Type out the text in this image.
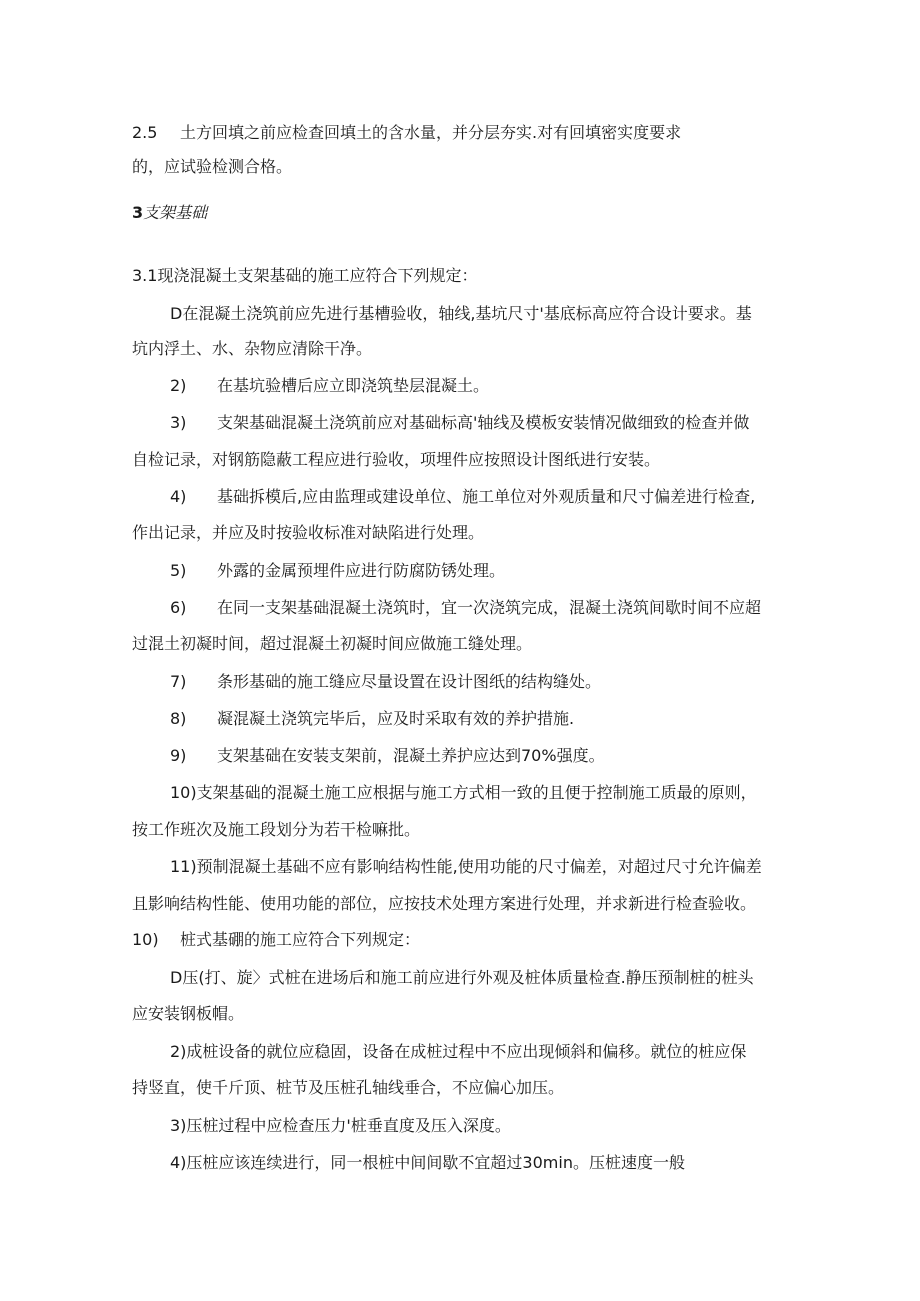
2.5 土方回填之前应检查回填土的含水量，并分层夯实.对有回填密实度要求
的，应试验检测合格。
3支架基础
3.1现浇混凝土支架基础的施工应符合下列规定：
D在混凝土浇筑前应先进行基槽验收，轴线,基坑尺寸'基底标高应符合设计要求。基
坑内浮土、水、杂物应清除干净。
2) 在基坑验槽后应立即浇筑垫层混凝土。
3) 支架基础混凝土浇筑前应对基础标高'轴线及模板安装情况做细致的检查并做
自检记录，对钢筋隐蔽工程应进行验收，项埋件应按照设计图纸进行安装。
4) 基础拆模后,应由监理或建设单位、施工单位对外观质量和尺寸偏差进行检查,
作出记录，并应及时按验收标准对缺陷进行处理。
5) 外露的金属预埋件应进行防腐防锈处理。
6) 在同一支架基础混凝土浇筑时，宜一次浇筑完成，混凝土浇筑间歇时间不应超
过混土初凝时间，超过混凝土初凝时间应做施工缝处理。
7) 条形基础的施工缝应尽量设置在设计图纸的结构缝处。
8) 凝混凝土浇筑完毕后，应及时采取有效的养护措施.
9) 支架基础在安装支架前，混凝土养护应达到70%强度。
10)支架基础的混凝土施工应根据与施工方式相一致的且便于控制施工质最的原则，
按工作班次及施工段划分为若干检嘛批。
11)预制混凝土基础不应有影响结构性能,使用功能的尺寸偏差，对超过尺寸允许偏差
且影响结构性能、使用功能的部位，应按技术处理方案进行处理，并求新进行检查验收。
10) 桩式基硼的施工应符合下列规定：
D压(打、旋〉式桩在进场后和施工前应进行外观及桩体质量检查.静压预制桩的桩头
应安装钢板帽。
2)成桩设备的就位应稳固，设备在成桩过程中不应出现倾斜和偏移。就位的桩应保
持竖直，使千斤顶、桩节及压桩孔轴线垂合，不应偏心加压。
3)压桩过程中应检查压力'桩垂直度及压入深度。
4)压桩应该连续进行，同一根桩中间间歇不宜超过30min。压桩速度一般
